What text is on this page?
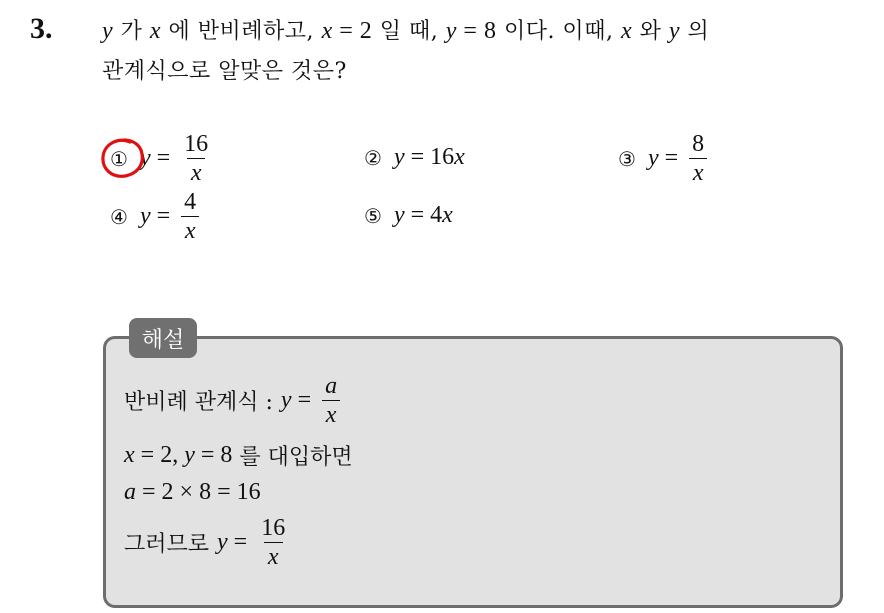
3. y 가 x 에 반비례하고, x = 2 일 때, y = 8 이다. 이때, x 와 y 의
관계식으로 알맞은 것은?
① $y = \frac{16}{x}$	② y = 16 x	③ $y = \frac{8}{x}$
④ $y = \frac{4}{x}$	⑤ y = 4 x
해설
반비례 관계식 : $y = \frac{a}{x}$
x = 2, y = 8 를 대입하면
a = 2 × 8 = 16
그러므로 $y = \frac{16}{x}$
